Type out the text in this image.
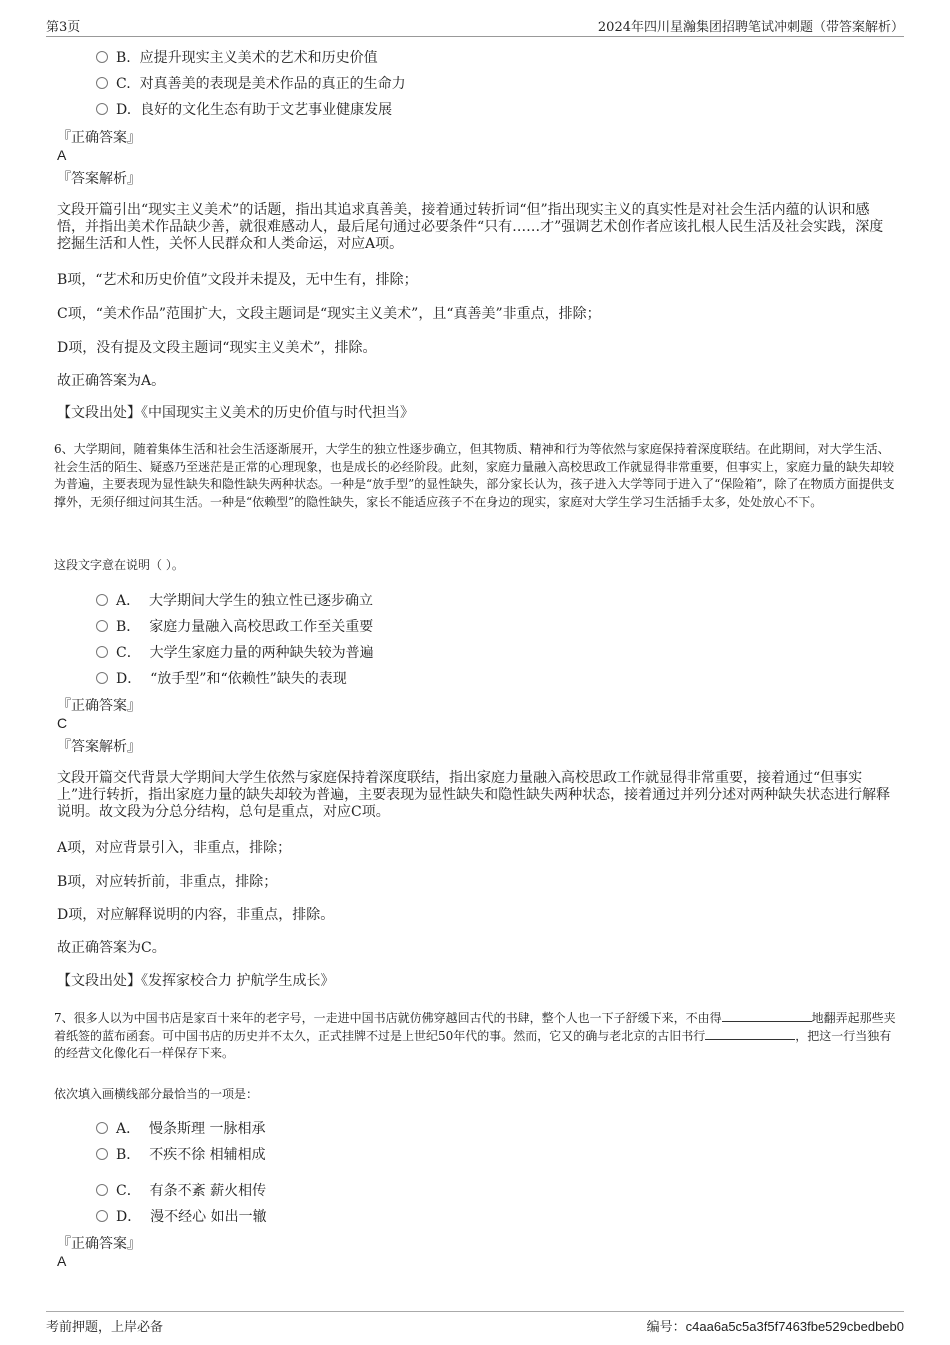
第3页	2024年四川星瀚集团招聘笔试冲刺题（带答案解析）
B. 应提升现实主义美术的艺术和历史价值
C. 对真善美的表现是美术作品的真正的生命力
D. 良好的文化生态有助于文艺事业健康发展
『正确答案』
A
『答案解析』
文段开篇引出“现实主义美术”的话题，指出其追求真善美，接着通过转折词“但”指出现实主义的真实性是对社会生活内蕴的认识和感悟，并指出美术作品缺少善，就很难感动人，最后尾句通过必要条件“只有……才”强调艺术创作者应该扎根人民生活及社会实践，深度挖掘生活和人性，关怀人民群众和人类命运，对应A项。
B项，“艺术和历史价值”文段并未提及，无中生有，排除；
C项，“美术作品”范围扩大，文段主题词是“现实主义美术”，且“真善美”非重点，排除；
D项，没有提及文段主题词“现实主义美术”，排除。
故正确答案为A。
【文段出处】《中国现实主义美术的历史价值与时代担当》
6、大学期间，随着集体生活和社会生活逐渐展开，大学生的独立性逐步确立，但其物质、精神和行为等依然与家庭保持着深度联结。在此期间，对大学生活、社会生活的陌生、疑惑乃至迷茫是正常的心理现象，也是成长的必经阶段。此刻，家庭力量融入高校思政工作就显得非常重要，但事实上，家庭力量的缺失却较为普遍，主要表现为显性缺失和隐性缺失两种状态。一种是“放手型”的显性缺失，部分家长认为，孩子进入大学等同于进入了“保险箱”，除了在物质方面提供支撑外，无须仔细过问其生活。一种是“依赖型”的隐性缺失，家长不能适应孩子不在身边的现实，家庭对大学生学习生活插手太多，处处放心不下。
这段文字意在说明（ ）。
A． 大学期间大学生的独立性已逐步确立
B． 家庭力量融入高校思政工作至关重要
C． 大学生家庭力量的两种缺失较为普遍
D． “放手型”和“依赖性”缺失的表现
『正确答案』
C
『答案解析』
文段开篇交代背景大学期间大学生依然与家庭保持着深度联结，指出家庭力量融入高校思政工作就显得非常重要，接着通过“但事实上”进行转折，指出家庭力量的缺失却较为普遍，主要表现为显性缺失和隐性缺失两种状态，接着通过并列分述对两种缺失状态进行解释说明。故文段为分总分结构，总句是重点，对应C项。
A项，对应背景引入，非重点，排除；
B项，对应转折前，非重点，排除；
D项，对应解释说明的内容，非重点，排除。
故正确答案为C。
【文段出处】《发挥家校合力 护航学生成长》
7、很多人以为中国书店是家百十来年的老字号，一走进中国书店就仿佛穿越回古代的书肆，整个人也一下子舒缓下来，不由得	地翻弄起那些夹着纸签的蓝布函套。可中国书店的历史并不太久，正式挂牌不过是上世纪50年代的事。然而，它又的确与老北京的古旧书行	，把这一行当独有的经营文化像化石一样保存下来。
依次填入画横线部分最恰当的一项是：
A． 慢条斯理 一脉相承
B． 不疾不徐 相辅相成
C． 有条不紊 薪火相传
D． 漫不经心 如出一辙
『正确答案』
A
考前押题，上岸必备	编号：c4aa6a5c5a3f5f7463fbe529cbedbeb0
